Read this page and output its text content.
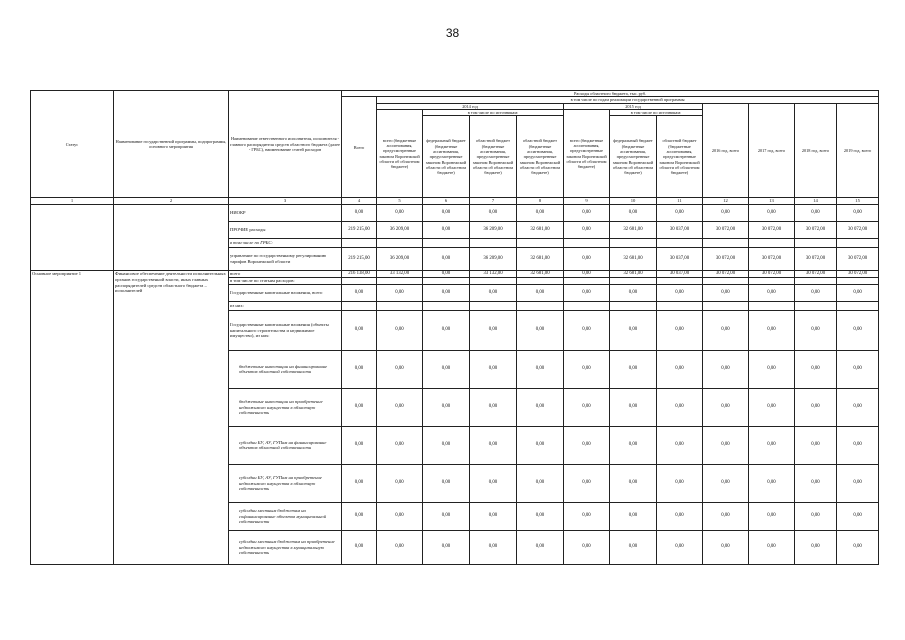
38
Статус	Наименование государственной программы, подпрограммы, основного мероприятия	Наименование ответственного исполнителя, исполнителя - главного распорядителя средств областного бюджета (далее - ГРБС), наименование статей расходов	Расходы областного бюджета, тыс. руб.												
			Всего	в том числе по годам реализации государственной программы											
				2014 год				2015 год			2016 год, всего	2017 год, всего	2018 год, всего	2019 год, всего	
				всего (бюджетные ассигнования, предусмотренные законом Воронежской области об областном бюджете)	в том числе по источникам:			всего (бюджетные ассигнования, предусмотренные законом Воронежской области об областном бюджете)	в том числе по источникам:						
					федеральный бюджет (бюджетные ассигнования, предусмотренные законом Воронежской области об областном бюджете)	областной бюджет (бюджетные ассигнования, предусмотренные законом Воронежской области об областном бюджете)	областной бюджет (бюджетные ассигнования, предусмотренные законом Воронежской области об областном бюджете)		федеральный бюджет (бюджетные ассигнования, предусмотренные законом Воронежской области об областном бюджете)	областной бюджет (бюджетные ассигнования, предусмотренные законом Воронежской области об областном бюджете)					
1	2	3	4	5	6	7	8	9	10	11	12	13	14	15	
		НИОКР	0,00	0,00	0,00	0,00	0,00	0,00	0,00	0,00	0,00	0,00	0,00	0,00	
		ПРОЧИЕ расходы	219 215,00	36 209,00	0,00	36 209,00	32 681,00	0,00	32 681,00	30 037,00	30 072,00	30 072,00	30 072,00	30 072,00	
		в том числе по ГРБС:													
		управление по государственному регулированию тарифов Воронежской области	219 215,00	36 209,00	0,00	36 209,00	32 681,00	0,00	32 681,00	30 037,00	30 072,00	30 072,00	30 072,00	30 072,00	
Основное мероприятие 1	Финансовое обеспечение деятельности исполнительных органов государственной власти, иных главных распорядителей средств областного бюджета – исполнителей	всего	216 138,00	33 132,00	0,00	33 132,00	32 681,00	0,00	32 681,00	30 037,00	30 072,00	30 072,00	30 072,00	30 072,00	
		в том числе по статьям расходов:													
		Государственные капитальные вложения, всего	0,00	0,00	0,00	0,00	0,00	0,00	0,00	0,00	0,00	0,00	0,00	0,00	
		из них:													
		Государственные капитальные вложения (объекты капитального строительства и недвижимое имущество), из них:	0,00	0,00	0,00	0,00	0,00	0,00	0,00	0,00	0,00	0,00	0,00	0,00	
		бюджетные инвестиции на финансирование объектов областной собственности	0,00	0,00	0,00	0,00	0,00	0,00	0,00	0,00	0,00	0,00	0,00	0,00	
		бюджетные инвестиции на приобретение недвижимого имущества в областную собственность	0,00	0,00	0,00	0,00	0,00	0,00	0,00	0,00	0,00	0,00	0,00	0,00	
		субсидии БУ, АУ, ГУПам на финансирование объектов областной собственности	0,00	0,00	0,00	0,00	0,00	0,00	0,00	0,00	0,00	0,00	0,00	0,00	
		субсидии БУ, АУ, ГУПам на приобретение недвижимого имущества в областную собственность	0,00	0,00	0,00	0,00	0,00	0,00	0,00	0,00	0,00	0,00	0,00	0,00	
		субсидии местным бюджетам на софинансирование объектов муниципальной собственности	0,00	0,00	0,00	0,00	0,00	0,00	0,00	0,00	0,00	0,00	0,00	0,00	
		субсидии местным бюджетам на приобретение недвижимого имущества в муниципальную собственность	0,00	0,00	0,00	0,00	0,00	0,00	0,00	0,00	0,00	0,00	0,00	0,00	
